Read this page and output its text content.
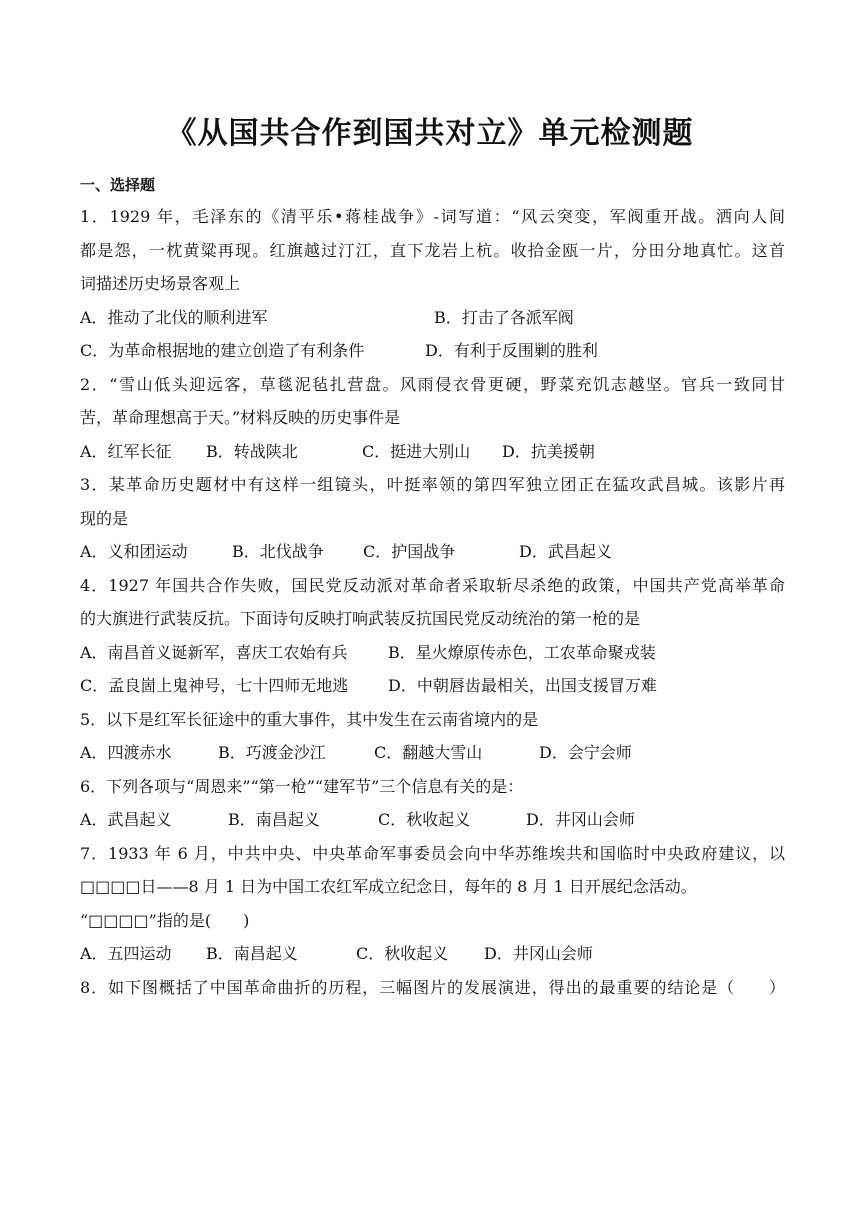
《从国共合作到国共对立》单元检测题
一、选择题
1．1929 年，毛泽东的《清平乐•蒋桂战争》-词写道：“风云突变，军阀重开战。洒向人间
都是怨，一枕黄粱再现。红旗越过汀江，直下龙岩上杭。收拾金瓯一片，分田分地真忙。这首
词描述历史场景客观上
A．推动了北伐的顺利进军	B．打击了各派军阀
C．为革命根据地的建立创造了有利条件	D．有利于反围剿的胜利
2．“雪山低头迎远客，草毯泥毡扎营盘。风雨侵衣骨更硬，野菜充饥志越坚。官兵一致同甘
苦，革命理想高于天。”材料反映的历史事件是
A．红军长征	B．转战陕北	C．挺进大别山	D．抗美援朝
3．某革命历史题材中有这样一组镜头，叶挺率领的第四军独立团正在猛攻武昌城。该影片再
现的是
A．义和团运动	B．北伐战争	C．护国战争	D．武昌起义
4．1927 年国共合作失败，国民党反动派对革命者采取斩尽杀绝的政策，中国共产党高举革命
的大旗进行武装反抗。下面诗句反映打响武装反抗国民党反动统治的第一枪的是
A．南昌首义诞新军，喜庆工农始有兵	B．星火燎原传赤色，工农革命聚戎装
C．孟良崮上鬼神号，七十四师无地逃	D．中朝唇齿最相关，出国支援冒万难
5．以下是红军长征途中的重大事件，其中发生在云南省境内的是
A．四渡赤水	B．巧渡金沙江	C．翻越大雪山	D．会宁会师
6．下列各项与“周恩来”“第一枪”“建军节”三个信息有关的是：
A．武昌起义	B．南昌起义	C．秋收起义	D．井冈山会师
7．1933 年 6 月，中共中央、中央革命军事委员会向中华苏维埃共和国临时中央政府建议，以
□□□□日——8 月 1 日为中国工农红军成立纪念日，每年的 8 月 1 日开展纪念活动。
“□□□□”指的是(　　)
A．五四运动	B．南昌起义	C．秋收起义	D．井冈山会师
8．如下图概括了中国革命曲折的历程，三幅图片的发展演进，得出的最重要的结论是（　　）
